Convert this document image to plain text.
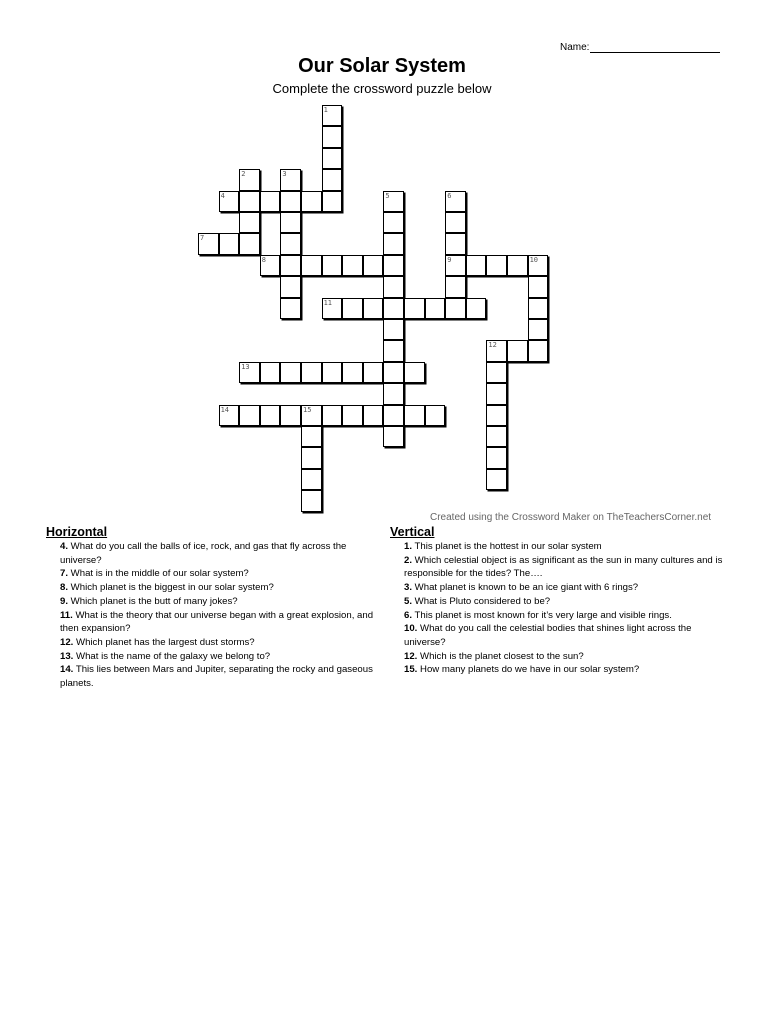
Name:
Our Solar System
Complete the crossword puzzle below
1
2	3
4	5	6
7
8	9	10
11
12
13
14	15
Created using the Crossword Maker on TheTeachersCorner.net
Horizontal
4. What do you call the balls of ice, rock, and gas that fly across the universe?
7. What is in the middle of our solar system?
8. Which planet is the biggest in our solar system?
9. Which planet is the butt of many jokes?
11. What is the theory that our universe began with a great explosion, and then expansion?
12. Which planet has the largest dust storms?
13. What is the name of the galaxy we belong to?
14. This lies between Mars and Jupiter, separating the rocky and gaseous planets.
Vertical
1. This planet is the hottest in our solar system
2. Which celestial object is as significant as the sun in many cultures and is responsible for the tides? The….
3. What planet is known to be an ice giant with 6 rings?
5. What is Pluto considered to be?
6. This planet is most known for it’s very large and visible rings.
10. What do you call the celestial bodies that shines light across the universe?
12. Which is the planet closest to the sun?
15. How many planets do we have in our solar system?
